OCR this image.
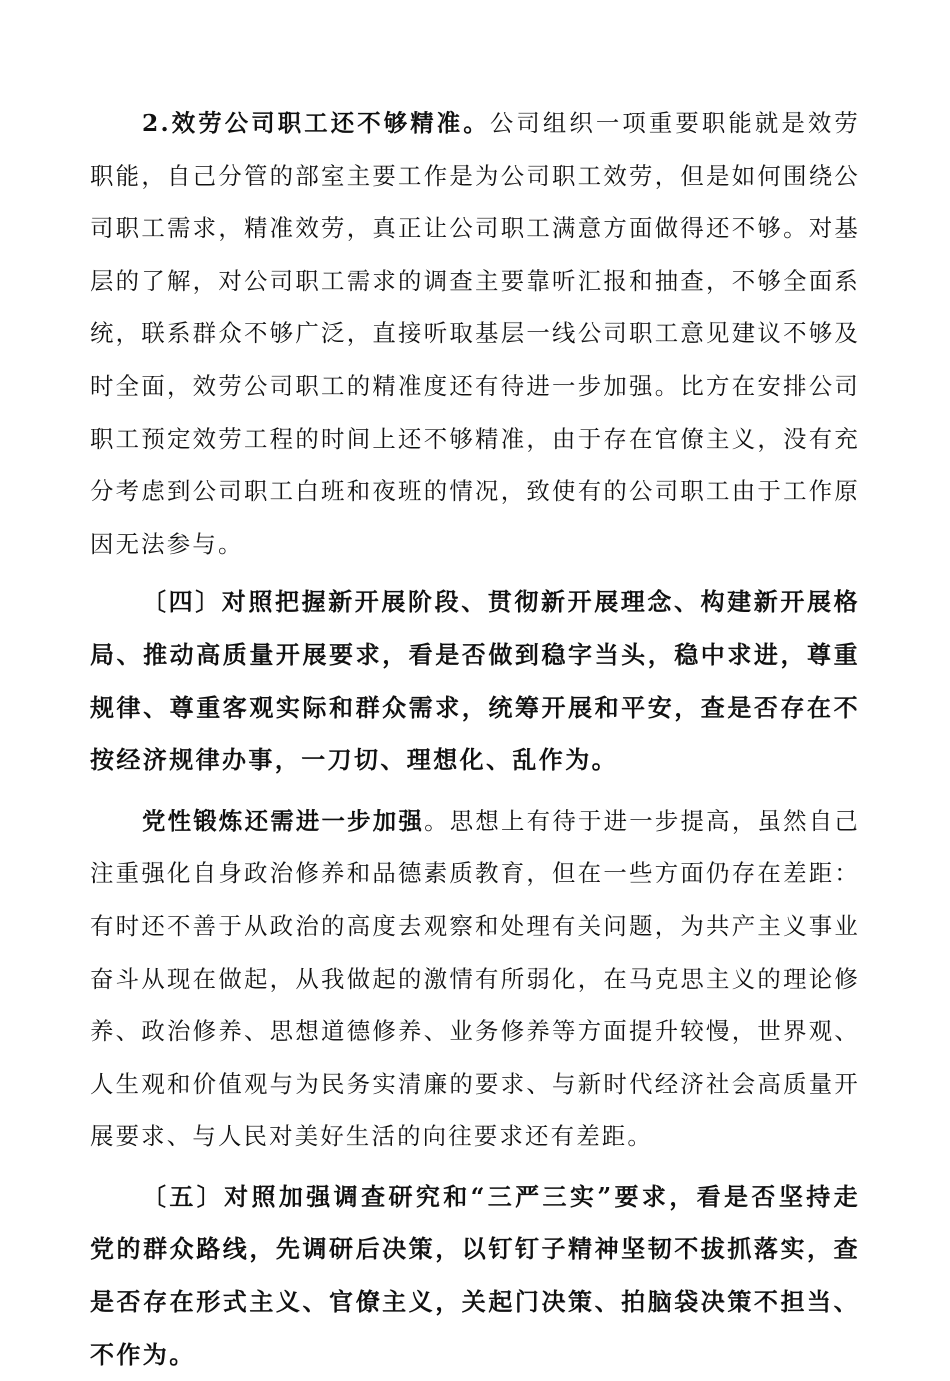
2.效劳公司职工还不够精准。公司组织一项重要职能就是效劳职能，自己分管的部室主要工作是为公司职工效劳，但是如何围绕公司职工需求，精准效劳，真正让公司职工满意方面做得还不够。对基层的了解，对公司职工需求的调查主要靠听汇报和抽查，不够全面系统，联系群众不够广泛，直接听取基层一线公司职工意见建议不够及时全面，效劳公司职工的精准度还有待进一步加强。比方在安排公司职工预定效劳工程的时间上还不够精准，由于存在官僚主义，没有充分考虑到公司职工白班和夜班的情况，致使有的公司职工由于工作原因无法参与。

〔四〕对照把握新开展阶段、贯彻新开展理念、构建新开展格局、推动高质量开展要求，看是否做到稳字当头，稳中求进，尊重规律、尊重客观实际和群众需求，统筹开展和平安，查是否存在不按经济规律办事，一刀切、理想化、乱作为。

党性锻炼还需进一步加强。思想上有待于进一步提高，虽然自己注重强化自身政治修养和品德素质教育，但在一些方面仍存在差距：有时还不善于从政治的高度去观察和处理有关问题，为共产主义事业奋斗从现在做起，从我做起的激情有所弱化，在马克思主义的理论修养、政治修养、思想道德修养、业务修养等方面提升较慢，世界观、人生观和价值观与为民务实清廉的要求、与新时代经济社会高质量开展要求、与人民对美好生活的向往要求还有差距。

〔五〕对照加强调查研究和“三严三实”要求，看是否坚持走党的群众路线，先调研后决策，以钉钉子精神坚韧不拔抓落实，查是否存在形式主义、官僚主义，关起门决策、拍脑袋决策不担当、不作为。
